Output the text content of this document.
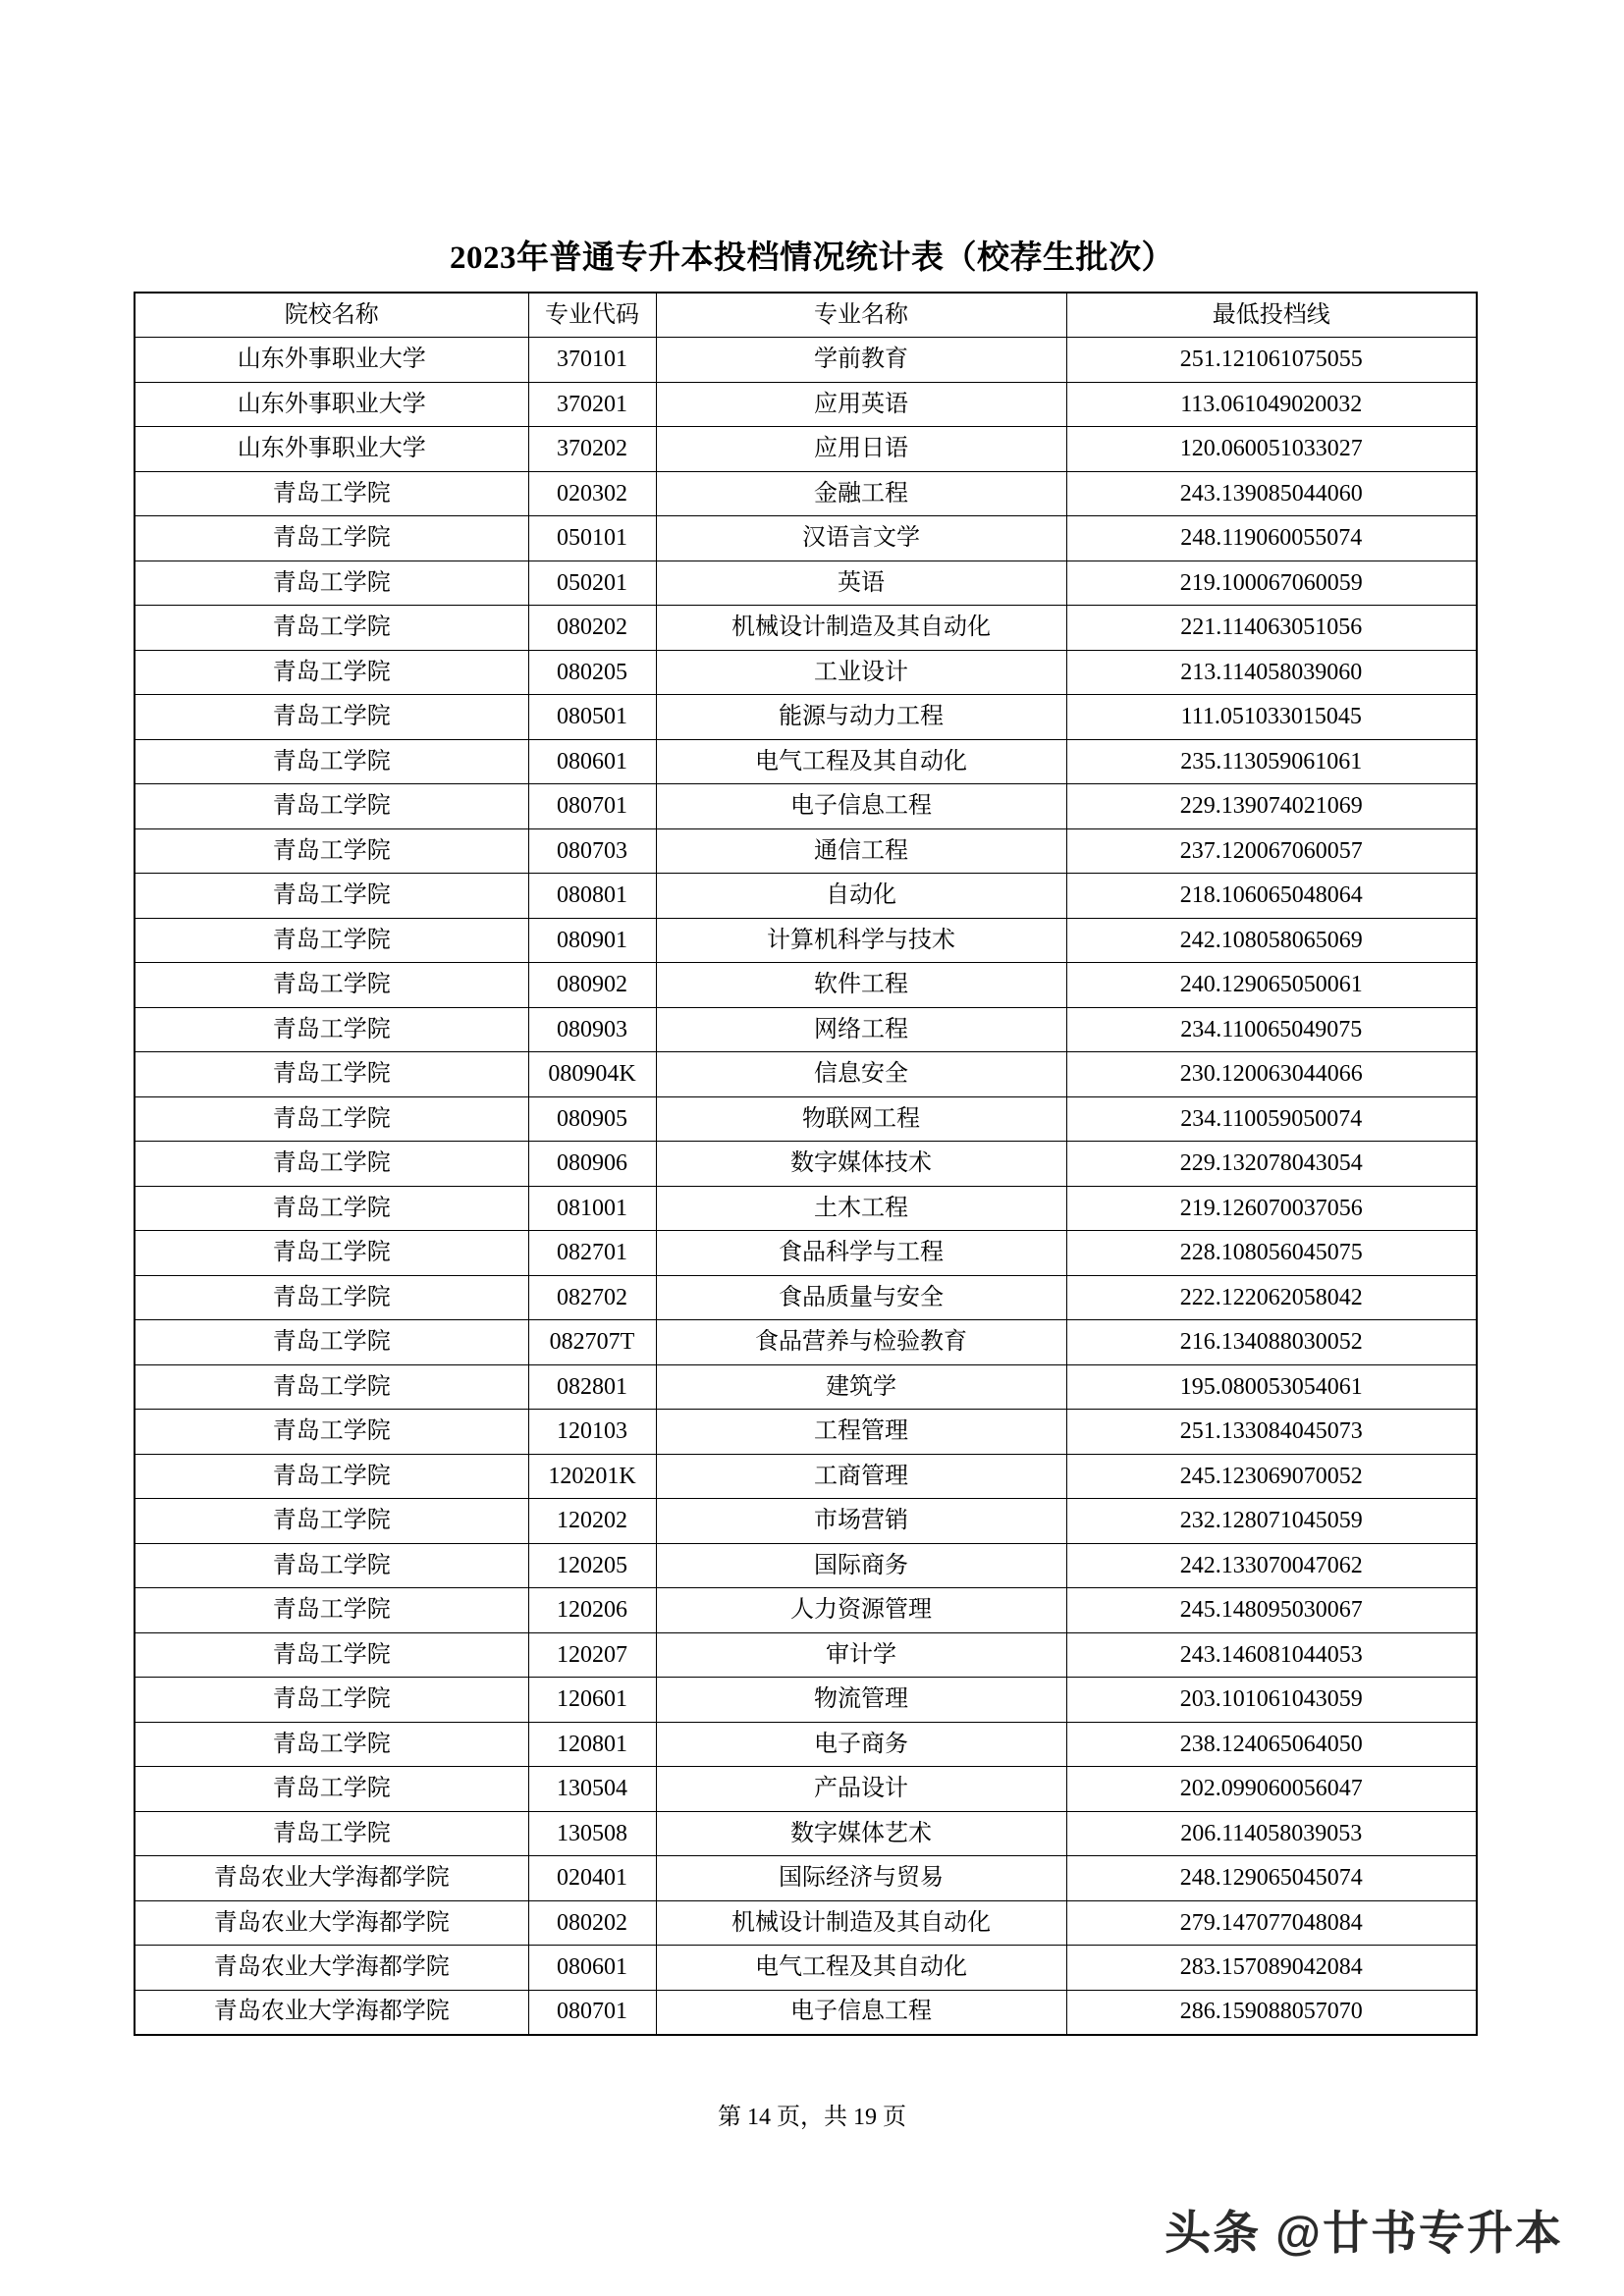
2023年普通专升本投档情况统计表（校荐生批次）
院校名称	专业代码	专业名称	最低投档线
山东外事职业大学	370101	学前教育	251.121061075055
山东外事职业大学	370201	应用英语	113.061049020032
山东外事职业大学	370202	应用日语	120.060051033027
青岛工学院	020302	金融工程	243.139085044060
青岛工学院	050101	汉语言文学	248.119060055074
青岛工学院	050201	英语	219.100067060059
青岛工学院	080202	机械设计制造及其自动化	221.114063051056
青岛工学院	080205	工业设计	213.114058039060
青岛工学院	080501	能源与动力工程	111.051033015045
青岛工学院	080601	电气工程及其自动化	235.113059061061
青岛工学院	080701	电子信息工程	229.139074021069
青岛工学院	080703	通信工程	237.120067060057
青岛工学院	080801	自动化	218.106065048064
青岛工学院	080901	计算机科学与技术	242.108058065069
青岛工学院	080902	软件工程	240.129065050061
青岛工学院	080903	网络工程	234.110065049075
青岛工学院	080904K	信息安全	230.120063044066
青岛工学院	080905	物联网工程	234.110059050074
青岛工学院	080906	数字媒体技术	229.132078043054
青岛工学院	081001	土木工程	219.126070037056
青岛工学院	082701	食品科学与工程	228.108056045075
青岛工学院	082702	食品质量与安全	222.122062058042
青岛工学院	082707T	食品营养与检验教育	216.134088030052
青岛工学院	082801	建筑学	195.080053054061
青岛工学院	120103	工程管理	251.133084045073
青岛工学院	120201K	工商管理	245.123069070052
青岛工学院	120202	市场营销	232.128071045059
青岛工学院	120205	国际商务	242.133070047062
青岛工学院	120206	人力资源管理	245.148095030067
青岛工学院	120207	审计学	243.146081044053
青岛工学院	120601	物流管理	203.101061043059
青岛工学院	120801	电子商务	238.124065064050
青岛工学院	130504	产品设计	202.099060056047
青岛工学院	130508	数字媒体艺术	206.114058039053
青岛农业大学海都学院	020401	国际经济与贸易	248.129065045074
青岛农业大学海都学院	080202	机械设计制造及其自动化	279.147077048084
青岛农业大学海都学院	080601	电气工程及其自动化	283.157089042084
青岛农业大学海都学院	080701	电子信息工程	286.159088057070
第 14 页，共 19 页
头条 @廿书专升本
